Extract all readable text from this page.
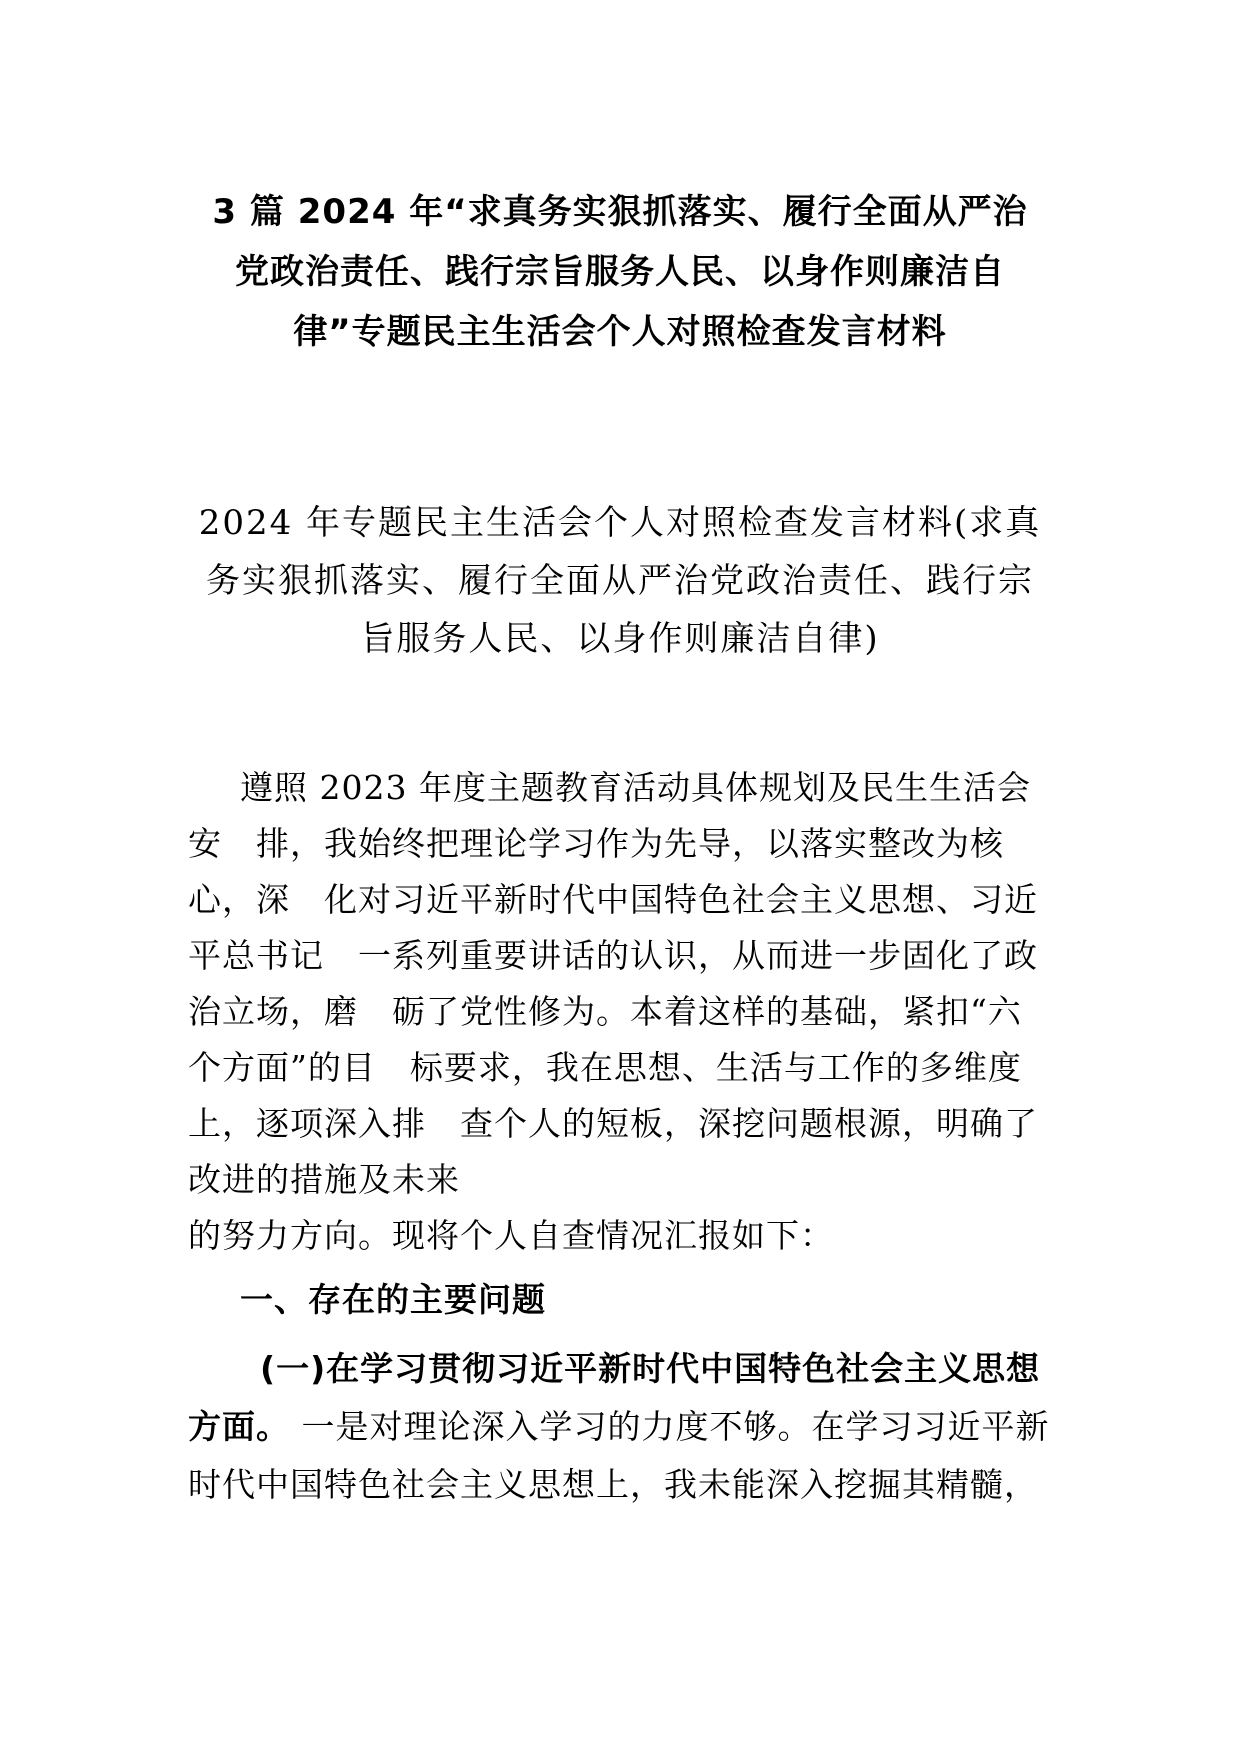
3 篇 2024 年“求真务实狠抓落实、履行全面从严治
党政治责任、践行宗旨服务人民、以身作则廉洁自
律”专题民主生活会个人对照检查发言材料
2024 年专题民主生活会个人对照检查发言材料(求真
务实狠抓落实、履行全面从严治党政治责任、践行宗
旨服务人民、以身作则廉洁自律)
遵照 2023 年度主题教育活动具体规划及民生生活会
安　排，我始终把理论学习作为先导，以落实整改为核
心，深　化对习近平新时代中国特色社会主义思想、习近
平总书记　一系列重要讲话的认识，从而进一步固化了政
治立场，磨　砺了党性修为。本着这样的基础，紧扣“六
个方面”的目　标要求，我在思想、生活与工作的多维度
上，逐项深入排　查个人的短板，深挖问题根源，明确了
改进的措施及未来
的努力方向。现将个人自查情况汇报如下：
一、存在的主要问题
(一)在学习贯彻习近平新时代中国特色社会主义思想
方面。 一是对理论深入学习的力度不够。在学习习近平新
时代中国特色社会主义思想上，我未能深入挖掘其精髓，
